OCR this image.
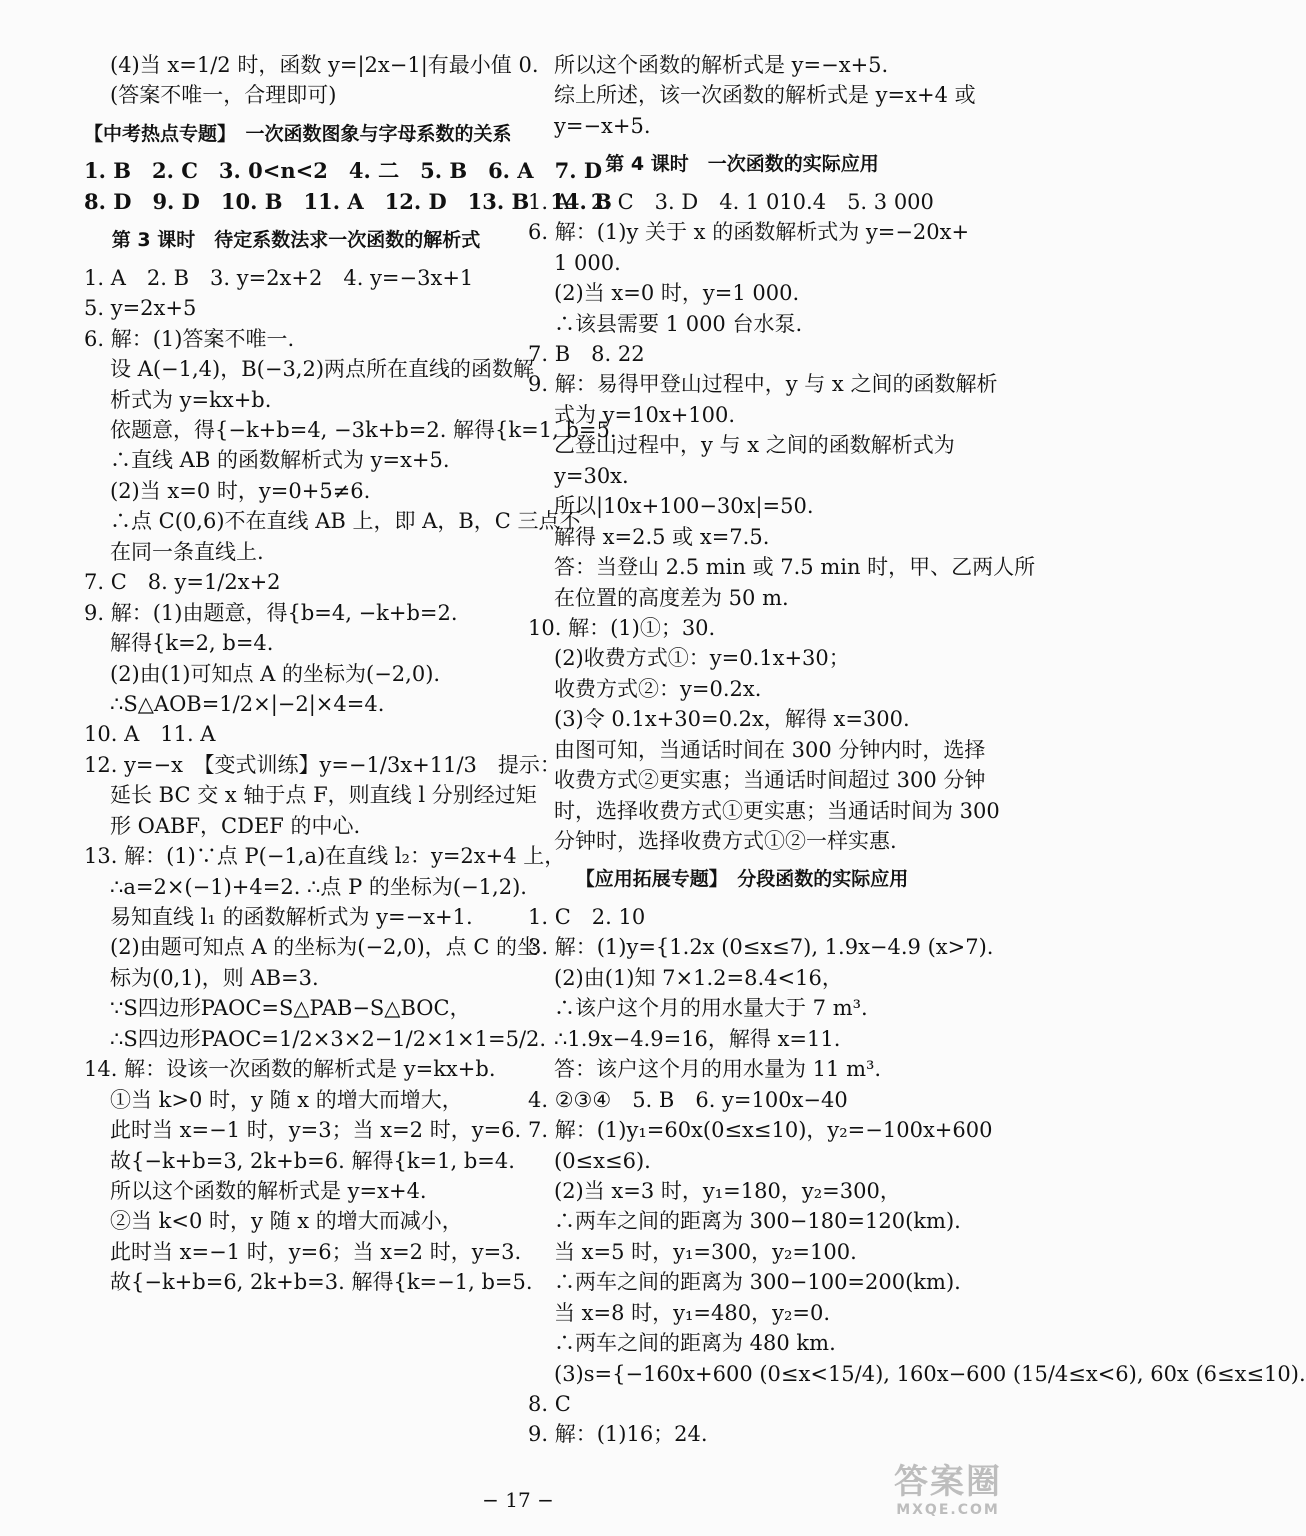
(4)当 x=1/2 时，函数 y=|2x−1|有最小值 0.
(答案不唯一，合理即可)
【中考热点专题】　一次函数图象与字母系数的关系
1. B　2. C　3. 0<n<2　4. 二　5. B　6. A　7. D
8. D　9. D　10. B　11. A　12. D　13. B　14. B
第 3 课时　待定系数法求一次函数的解析式
1. A　2. B　3. y=2x+2　4. y=−3x+1
5. y=2x+5
6. 解：(1)答案不唯一.
设 A(−1,4)，B(−3,2)两点所在直线的函数解
析式为 y=kx+b.
依题意，得{−k+b=4, −3k+b=2. 解得{k=1, b=5.
∴直线 AB 的函数解析式为 y=x+5.
(2)当 x=0 时，y=0+5≠6.
∴点 C(0,6)不在直线 AB 上，即 A，B，C 三点不
在同一条直线上.
7. C　8. y=1/2x+2
9. 解：(1)由题意，得{b=4, −k+b=2.
解得{k=2, b=4.
(2)由(1)可知点 A 的坐标为(−2,0).
∴S△AOB=1/2×|−2|×4=4.
10. A　11. A
12. y=−x　【变式训练】y=−1/3x+11/3　提示：
延长 BC 交 x 轴于点 F，则直线 l 分别经过矩
形 OABF，CDEF 的中心.
13. 解：(1)∵点 P(−1,a)在直线 l₂：y=2x+4 上，
∴a=2×(−1)+4=2. ∴点 P 的坐标为(−1,2).
易知直线 l₁ 的函数解析式为 y=−x+1.
(2)由题可知点 A 的坐标为(−2,0)，点 C 的坐
标为(0,1)，则 AB=3.
∵S四边形PAOC=S△PAB−S△BOC，
∴S四边形PAOC=1/2×3×2−1/2×1×1=5/2.
14. 解：设该一次函数的解析式是 y=kx+b.
①当 k>0 时，y 随 x 的增大而增大，
此时当 x=−1 时，y=3；当 x=2 时，y=6.
故{−k+b=3, 2k+b=6. 解得{k=1, b=4.
所以这个函数的解析式是 y=x+4.
②当 k<0 时，y 随 x 的增大而减小，
此时当 x=−1 时，y=6；当 x=2 时，y=3.
故{−k+b=6, 2k+b=3. 解得{k=−1, b=5.
所以这个函数的解析式是 y=−x+5.
综上所述，该一次函数的解析式是 y=x+4 或
y=−x+5.
第 4 课时　一次函数的实际应用
1. A　2. C　3. D　4. 1 010.4　5. 3 000
6. 解：(1)y 关于 x 的函数解析式为 y=−20x+
1 000.
(2)当 x=0 时，y=1 000.
∴该县需要 1 000 台水泵.
7. B　8. 22
9. 解：易得甲登山过程中，y 与 x 之间的函数解析
式为 y=10x+100.
乙登山过程中，y 与 x 之间的函数解析式为
y=30x.
所以|10x+100−30x|=50.
解得 x=2.5 或 x=7.5.
答：当登山 2.5 min 或 7.5 min 时，甲、乙两人所
在位置的高度差为 50 m.
10. 解：(1)①；30.
(2)收费方式①：y=0.1x+30；
收费方式②：y=0.2x.
(3)令 0.1x+30=0.2x，解得 x=300.
由图可知，当通话时间在 300 分钟内时，选择
收费方式②更实惠；当通话时间超过 300 分钟
时，选择收费方式①更实惠；当通话时间为 300
分钟时，选择收费方式①②一样实惠.
【应用拓展专题】　分段函数的实际应用
1. C　2. 10
3. 解：(1)y={1.2x (0≤x≤7), 1.9x−4.9 (x>7).
(2)由(1)知 7×1.2=8.4<16，
∴该户这个月的用水量大于 7 m³.
∴1.9x−4.9=16，解得 x=11.
答：该户这个月的用水量为 11 m³.
4. ②③④　5. B　6. y=100x−40
7. 解：(1)y₁=60x(0≤x≤10)，y₂=−100x+600
(0≤x≤6).
(2)当 x=3 时，y₁=180，y₂=300，
∴两车之间的距离为 300−180=120(km).
当 x=5 时，y₁=300，y₂=100.
∴两车之间的距离为 300−100=200(km).
当 x=8 时，y₁=480，y₂=0.
∴两车之间的距离为 480 km.
(3)s={−160x+600 (0≤x<15/4), 160x−600 (15/4≤x<6), 60x (6≤x≤10).
8. C
9. 解：(1)16；24.
− 17 −	答案圈
MXQE.COM
